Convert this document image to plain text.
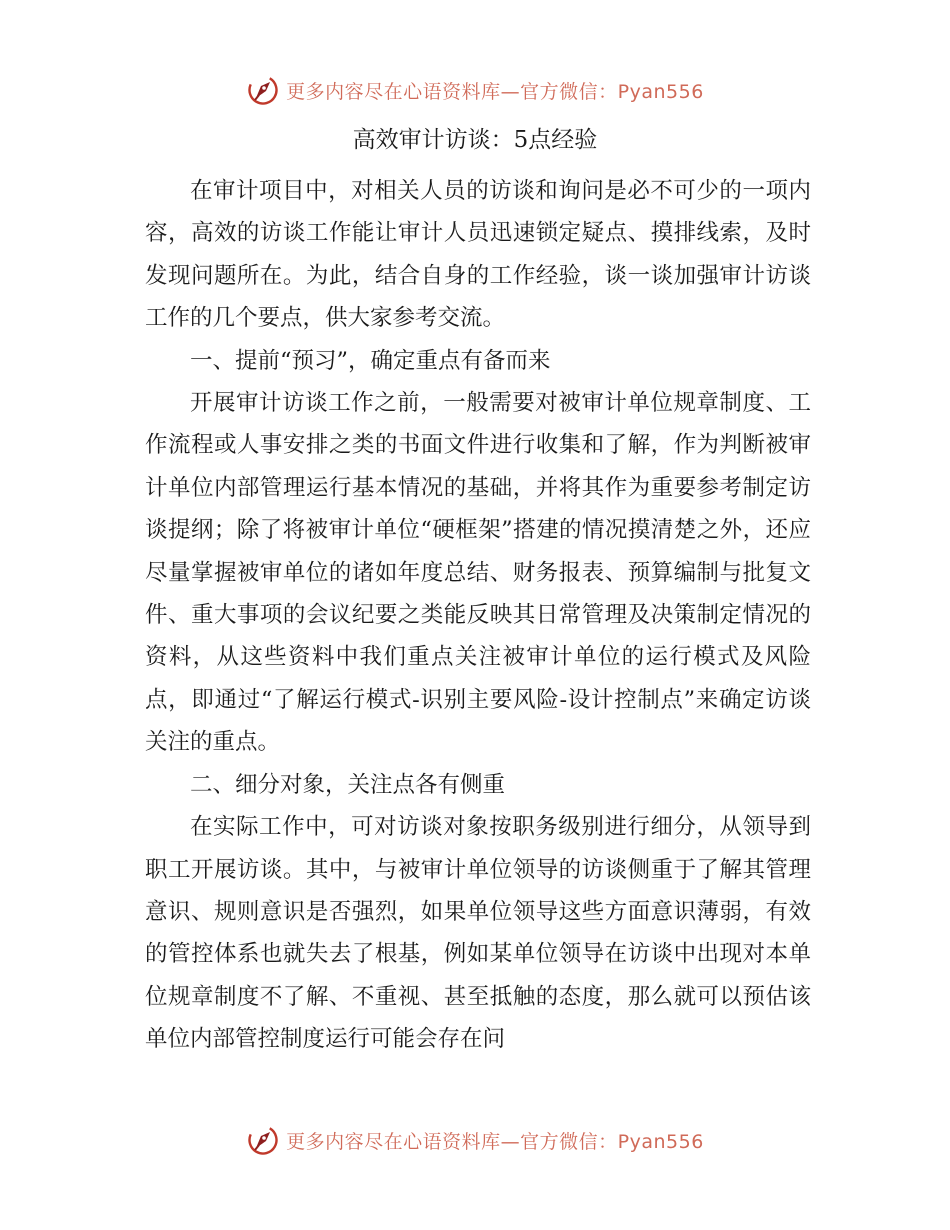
更多内容尽在心语资料库—官方微信：Pyan556
高效审计访谈：5点经验

在审计项目中，对相关人员的访谈和询问是必不可少的一项内容，高效的访谈工作能让审计人员迅速锁定疑点、摸排线索，及时发现问题所在。为此，结合自身的工作经验，谈一谈加强审计访谈工作的几个要点，供大家参考交流。

一、提前“预习”，确定重点有备而来

开展审计访谈工作之前，一般需要对被审计单位规章制度、工作流程或人事安排之类的书面文件进行收集和了解，作为判断被审计单位内部管理运行基本情况的基础，并将其作为重要参考制定访谈提纲；除了将被审计单位“硬框架”搭建的情况摸清楚之外，还应尽量掌握被审单位的诸如年度总结、财务报表、预算编制与批复文件、重大事项的会议纪要之类能反映其日常管理及决策制定情况的资料，从这些资料中我们重点关注被审计单位的运行模式及风险点，即通过“了解运行模式-识别主要风险-设计控制点”来确定访谈关注的重点。

二、细分对象，关注点各有侧重

在实际工作中，可对访谈对象按职务级别进行细分，从领导到职工开展访谈。其中，与被审计单位领导的访谈侧重于了解其管理意识、规则意识是否强烈，如果单位领导这些方面意识薄弱，有效的管控体系也就失去了根基，例如某单位领导在访谈中出现对本单位规章制度不了解、不重视、甚至抵触的态度，那么就可以预估该单位内部管控制度运行可能会存在问

更多内容尽在心语资料库—官方微信：Pyan556
